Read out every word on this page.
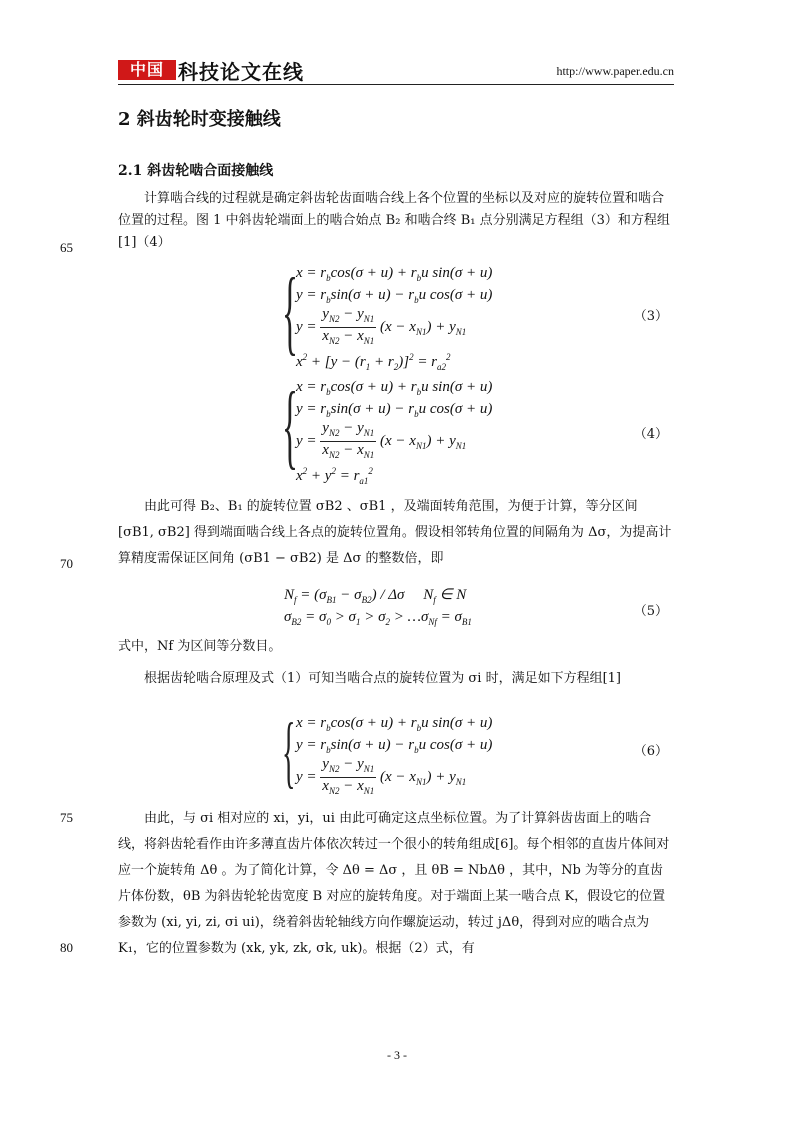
中国 科技论文在线	http://www.paper.edu.cn
2 斜齿轮时变接触线
2.1 斜齿轮啮合面接触线
计算啮合线的过程就是确定斜齿轮齿面啮合线上各个位置的坐标以及对应的旋转位置和啮合位置的过程。图 1 中斜齿轮端面上的啮合始点 B₂ 和啮合终 B₁ 点分别满足方程组（3）和方程组[1]（4）
65
{
$x = r_b\cos(\sigma + u) + r_bu$ sin(σ + u)
$y = r_b\sin(\sigma + u) - r_bu$ cos(σ + u)
$y = \frac{y_{N2} - y_{N1}}{x_{N2} - x_{N1}} (x - x_{N1}) + y_{N1}$
$x^2 + [y - (r_1 + r_2)]^2 = r_{a2}^2$
（3）
{
$x = r_b\cos(\sigma + u) + r_bu$ sin(σ + u)
$y = r_b\sin(\sigma + u) - r_bu$ cos(σ + u)
$y = \frac{y_{N2} - y_{N1}}{x_{N2} - x_{N1}} (x - x_{N1}) + y_{N1}$
$x^2 + y^2 = r_{a1}^2$
（4）
由此可得 B₂、B₁ 的旋转位置 σB2 、σB1 ，及端面转角范围，为便于计算，等分区间 [σB1, σB2] 得到端面啮合线上各点的旋转位置角。假设相邻转角位置的间隔角为 Δσ，为提高计算精度需保证区间角 (σB1 − σB2) 是 Δσ 的整数倍，即
70
$N_f = (\sigma_{B1} - \sigma_{B2}) / \Delta\sigma$     $N_f$ ∈ N
$\sigma_{B2} = \sigma_0 > \sigma_1 > \sigma_2$ > $\dots\sigma_{Nf} = \sigma_{B1}$
（5）
式中，Nf 为区间等分数目。
根据齿轮啮合原理及式（1）可知当啮合点的旋转位置为 σi 时，满足如下方程组[1]
{ $x = r_b\cos(\sigma + u) + r_bu$ sin(σ + u)
$y = r_b\sin(\sigma + u) - r_bu$ cos(σ + u)
$y = \frac{y_{N2} - y_{N1}}{x_{N2} - x_{N1}} (x - x_{N1}) + y_{N1}$
（6）
由此，与 σi 相对应的 xi，yi，ui 由此可确定这点坐标位置。为了计算斜齿齿面上的啮合线，将斜齿轮看作由许多薄直齿片体依次转过一个很小的转角组成[6]。每个相邻的直齿片体间对应一个旋转角 Δθ 。为了简化计算，令 Δθ = Δσ ，且 θB = NbΔθ ，其中，Nb 为等分的直齿片体份数，θB 为斜齿轮轮齿宽度 B 对应的旋转角度。对于端面上某一啮合点 K，假设它的位置参数为 (xi, yi, zi, σi ui)，绕着斜齿轮轴线方向作螺旋运动，转过 jΔθ，得到对应的啮合点为 K₁，它的位置参数为 (xk, yk, zk, σk, uk)。根据（2）式，有
75
80
- 3 -
